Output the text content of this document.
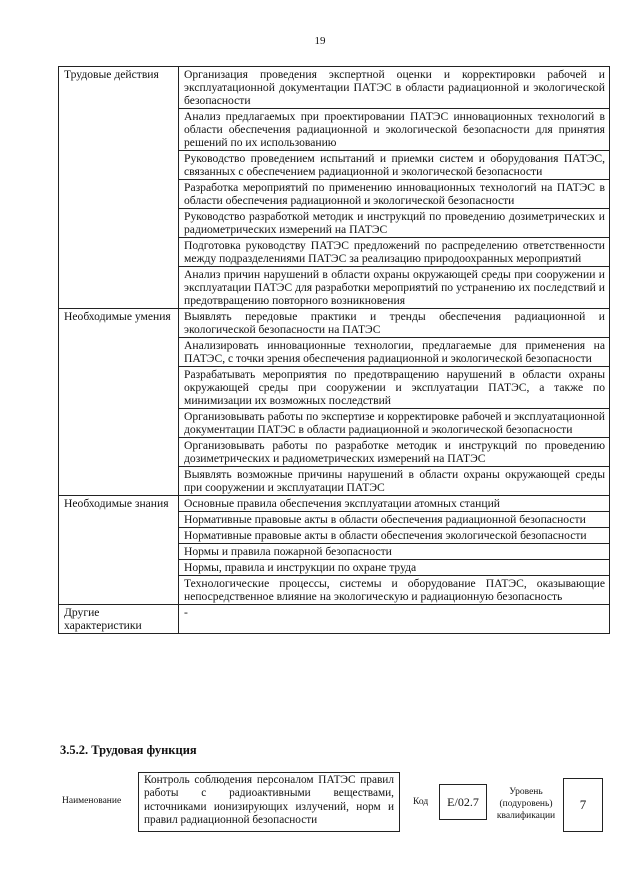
19
Трудовые действия	Организация проведения экспертной оценки и корректировки рабочей и эксплуатационной документации ПАТЭС в области радиационной и экологической безопасности
	Анализ предлагаемых при проектировании ПАТЭС инновационных технологий в области обеспечения радиационной и экологической безопасности для принятия решений по их использованию
	Руководство проведением испытаний и приемки систем и оборудования ПАТЭС, связанных с обеспечением радиационной и экологической безопасности
	Разработка мероприятий по применению инновационных технологий на ПАТЭС в области обеспечения радиационной и экологической безопасности
	Руководство разработкой методик и инструкций по проведению дозиметрических и радиометрических измерений на ПАТЭС
	Подготовка руководству ПАТЭС предложений по распределению ответственности между подразделениями ПАТЭС за реализацию природоохранных мероприятий
	Анализ причин нарушений в области охраны окружающей среды при сооружении и эксплуатации ПАТЭС для разработки мероприятий по устранению их последствий и предотвращению повторного возникновения
Необходимые умения	Выявлять передовые практики и тренды обеспечения радиационной и экологической безопасности на ПАТЭС
	Анализировать инновационные технологии, предлагаемые для применения на ПАТЭС, с точки зрения обеспечения радиационной и экологической безопасности
	Разрабатывать мероприятия по предотвращению нарушений в области охраны окружающей среды при сооружении и эксплуатации ПАТЭС, а также по минимизации их возможных последствий
	Организовывать работы по экспертизе и корректировке рабочей и эксплуатационной документации ПАТЭС в области радиационной и экологической безопасности
	Организовывать работы по разработке методик и инструкций по проведению дозиметрических и радиометрических измерений на ПАТЭС
	Выявлять возможные причины нарушений в области охраны окружающей среды при сооружении и эксплуатации ПАТЭС
Необходимые знания	Основные правила обеспечения эксплуатации атомных станций
	Нормативные правовые акты в области обеспечения радиационной безопасности
	Нормативные правовые акты в области обеспечения экологической безопасности
	Нормы и правила пожарной безопасности
	Нормы, правила и инструкции по охране труда
	Технологические процессы, системы и оборудование ПАТЭС, оказывающие непосредственное влияние на экологическую и радиационную безопасность
Другие характеристики	-
3.5.2. Трудовая функция
Наименование
Контроль соблюдения персоналом ПАТЭС правил работы с радиоактивными веществами, источниками ионизирующих излучений, норм и правил радиационной безопасности
Код	E/02.7
Уровень (подуровень) квалификации
7
